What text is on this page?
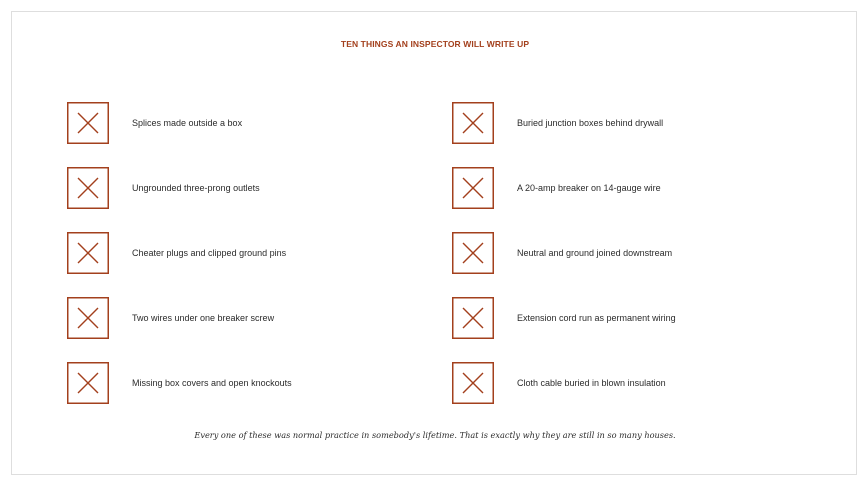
TEN THINGS AN INSPECTOR WILL WRITE UP
Splices made outside a box
Ungrounded three-prong outlets
Cheater plugs and clipped ground pins
Two wires under one breaker screw
Missing box covers and open knockouts
Buried junction boxes behind drywall
A 20-amp breaker on 14-gauge wire
Neutral and ground joined downstream
Extension cord run as permanent wiring
Cloth cable buried in blown insulation
Every one of these was normal practice in somebody's lifetime. That is exactly why they are still in so many houses.
